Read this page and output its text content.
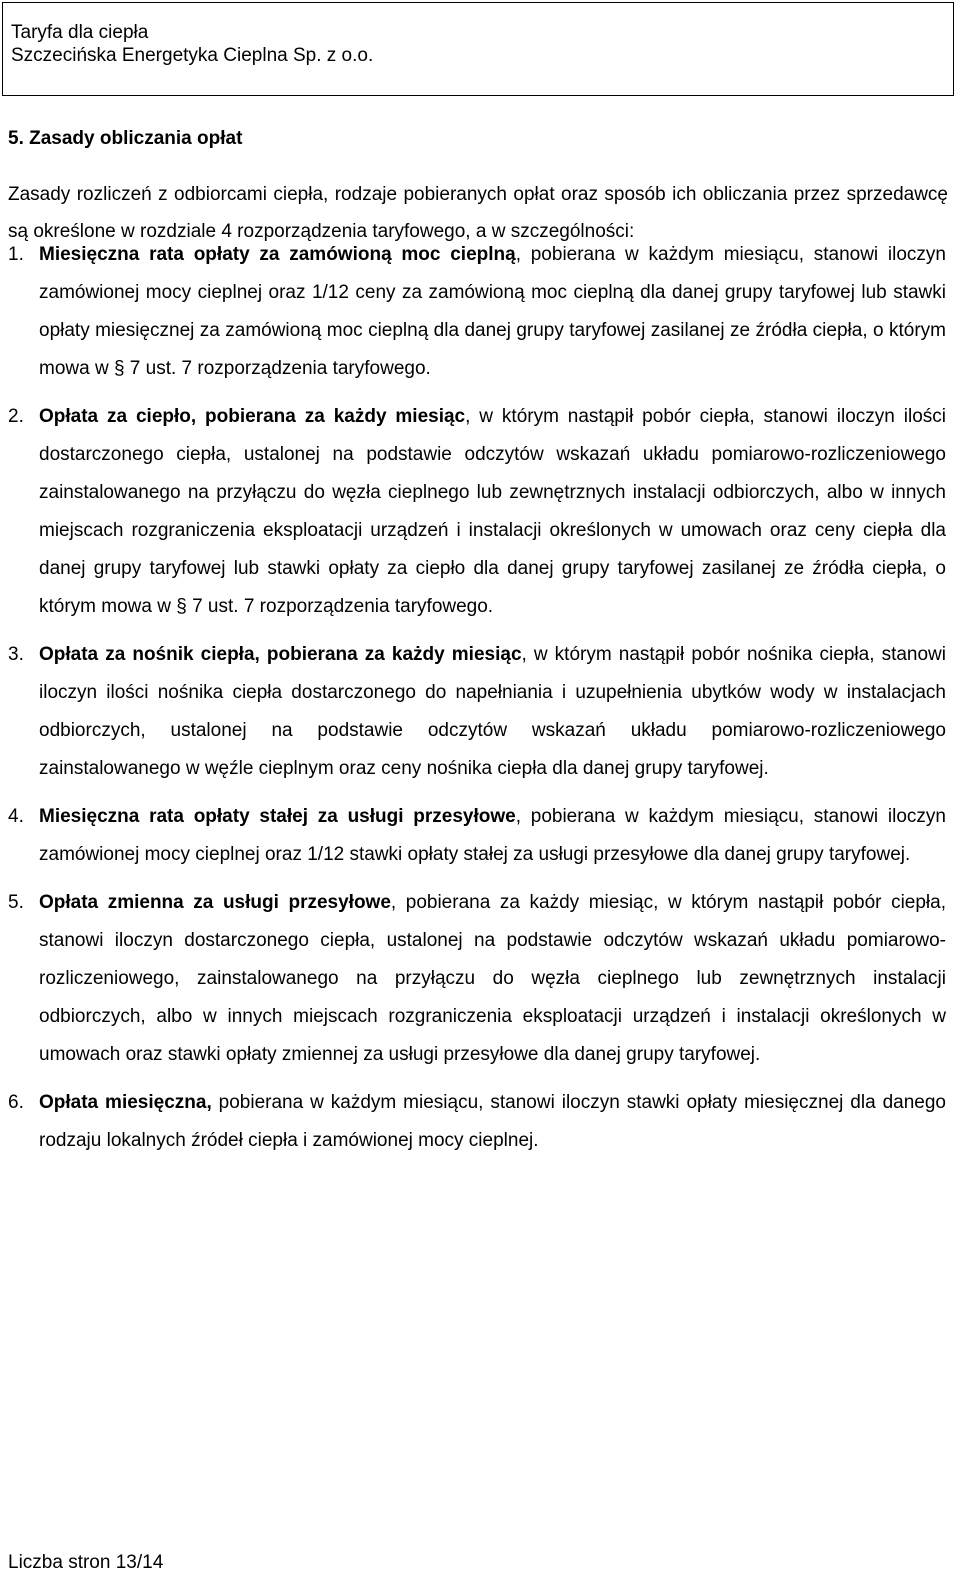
Taryfa dla ciepła
Szczecińska Energetyka Cieplna Sp. z o.o.
5. Zasady obliczania opłat
Zasady rozliczeń z odbiorcami ciepła, rodzaje pobieranych opłat oraz sposób ich obliczania przez sprzedawcę są określone w rozdziale 4 rozporządzenia taryfowego, a w szczególności:
1. Miesięczna rata opłaty za zamówioną moc cieplną, pobierana w każdym miesiącu, stanowi iloczyn zamówionej mocy cieplnej oraz 1/12 ceny za zamówioną moc cieplną dla danej grupy taryfowej lub stawki opłaty miesięcznej za zamówioną moc cieplną dla danej grupy taryfowej zasilanej ze źródła ciepła, o którym mowa w § 7 ust. 7 rozporządzenia taryfowego.
2. Opłata za ciepło, pobierana za każdy miesiąc, w którym nastąpił pobór ciepła, stanowi iloczyn ilości dostarczonego ciepła, ustalonej na podstawie odczytów wskazań układu pomiarowo-rozliczeniowego zainstalowanego na przyłączu do węzła cieplnego lub zewnętrznych instalacji odbiorczych, albo w innych miejscach rozgraniczenia eksploatacji urządzeń i instalacji określonych w umowach oraz ceny ciepła dla danej grupy taryfowej lub stawki opłaty za ciepło dla danej grupy taryfowej zasilanej ze źródła ciepła, o którym mowa w § 7 ust. 7 rozporządzenia taryfowego.
3. Opłata za nośnik ciepła, pobierana za każdy miesiąc, w którym nastąpił pobór nośnika ciepła, stanowi iloczyn ilości nośnika ciepła dostarczonego do napełniania i uzupełnienia ubytków wody w instalacjach odbiorczych, ustalonej na podstawie odczytów wskazań układu pomiarowo-rozliczeniowego zainstalowanego w węźle cieplnym oraz ceny nośnika ciepła dla danej grupy taryfowej.
4. Miesięczna rata opłaty stałej za usługi przesyłowe, pobierana w każdym miesiącu, stanowi iloczyn zamówionej mocy cieplnej oraz 1/12 stawki opłaty stałej za usługi przesyłowe dla danej grupy taryfowej.
5. Opłata zmienna za usługi przesyłowe, pobierana za każdy miesiąc, w którym nastąpił pobór ciepła, stanowi iloczyn dostarczonego ciepła, ustalonej na podstawie odczytów wskazań układu pomiarowo-rozliczeniowego, zainstalowanego na przyłączu do węzła cieplnego lub zewnętrznych instalacji odbiorczych, albo w innych miejscach rozgraniczenia eksploatacji urządzeń i instalacji określonych w umowach oraz stawki opłaty zmiennej za usługi przesyłowe dla danej grupy taryfowej.
6. Opłata miesięczna, pobierana w każdym miesiącu, stanowi iloczyn stawki opłaty miesięcznej dla danego rodzaju lokalnych źródeł ciepła i zamówionej mocy cieplnej.
Liczba stron 13/14
